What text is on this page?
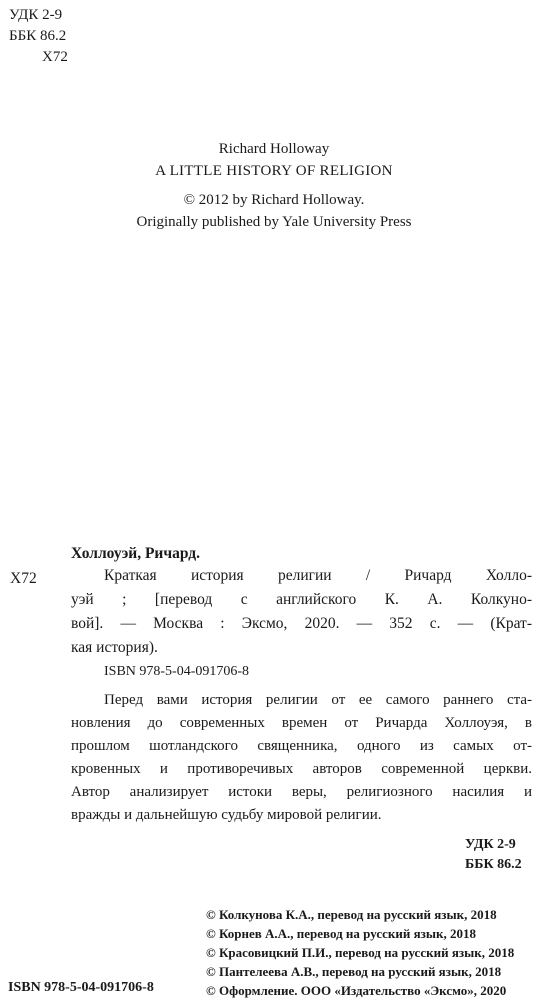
УДК 2-9
ББК 86.2
Х72
Richard Holloway
A LITTLE HISTORY OF RELIGION
© 2012 by Richard Holloway.
Originally published by Yale University Press
Холлоуэй, Ричард.
Х72	Краткая история религии / Ричард Холло-
уэй ; [перевод с английского К. А. Колкуно-
вой]. — Москва : Эксмо, 2020. — 352 с. — (Крат-
кая история).
ISBN 978-5-04-091706-8
Перед вами история религии от ее самого раннего ста-
новления до современных времен от Ричарда Холлоуэя, в
прошлом шотландского священника, одного из самых от-
кровенных и противоречивых авторов современной церкви.
Автор анализирует истоки веры, религиозного насилия и
вражды и дальнейшую судьбу мировой религии.
УДК 2-9
ББК 86.2
© Колкунова К.А., перевод на русский язык, 2018
© Корнев А.А., перевод на русский язык, 2018
© Красовицкий П.И., перевод на русский язык, 2018
© Пантелеева А.В., перевод на русский язык, 2018
ISBN 978-5-04-091706-8	© Оформление. ООО «Издательство «Эксмо», 2020
